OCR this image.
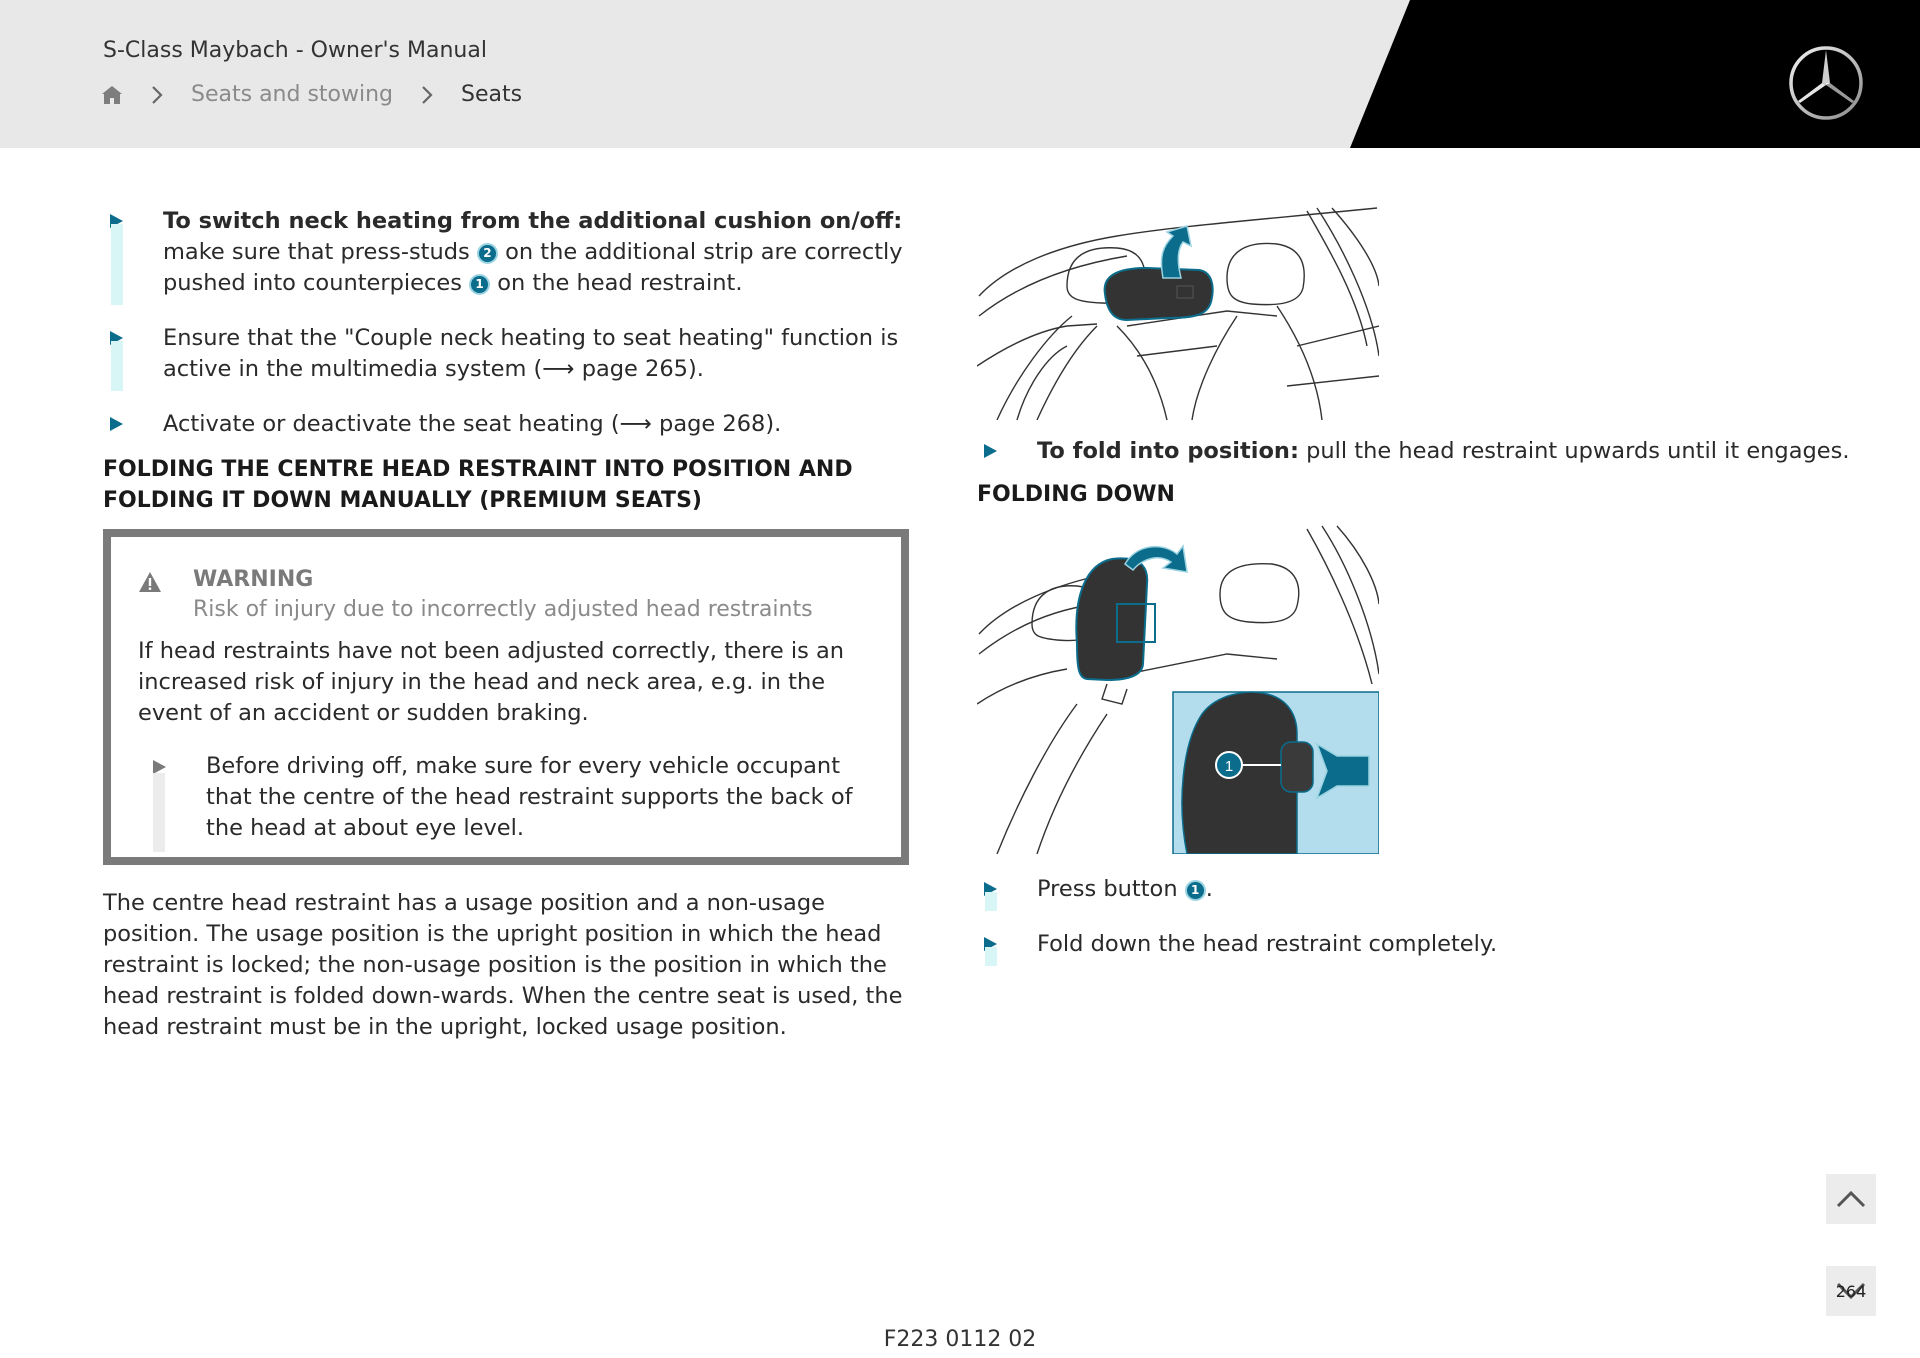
S-Class Maybach - Owner's Manual
Seats and stowing	Seats
To switch neck heating from the additional cushion on/off: make sure that press-studs 2 on the additional strip are correctly pushed into counterpieces 1 on the head restraint.
Ensure that the "Couple neck heating to seat heating" function is active in the multimedia system (⟶ page 265).
Activate or deactivate the seat heating (⟶ page 268).
FOLDING THE CENTRE HEAD RESTRAINT INTO POSITION AND FOLDING IT DOWN MANUALLY (PREMIUM SEATS)
WARNING
Risk of injury due to incorrectly adjusted head restraints
If head restraints have not been adjusted correctly, there is an increased risk of injury in the head and neck area, e.g. in the event of an accident or sudden braking.
Before driving off, make sure for every vehicle occupant that the centre of the head restraint supports the back of the head at about eye level.
The centre head restraint has a usage position and a non-usage position. The usage position is the upright position in which the head restraint is locked; the non-usage position is the position in which the head restraint is folded down-wards. When the centre seat is used, the head restraint must be in the upright, locked usage position.
To fold into position: pull the head restraint upwards until it engages.
FOLDING DOWN
1
Press button 1 .
Fold down the head restraint completely.
264
F223 0112 02
